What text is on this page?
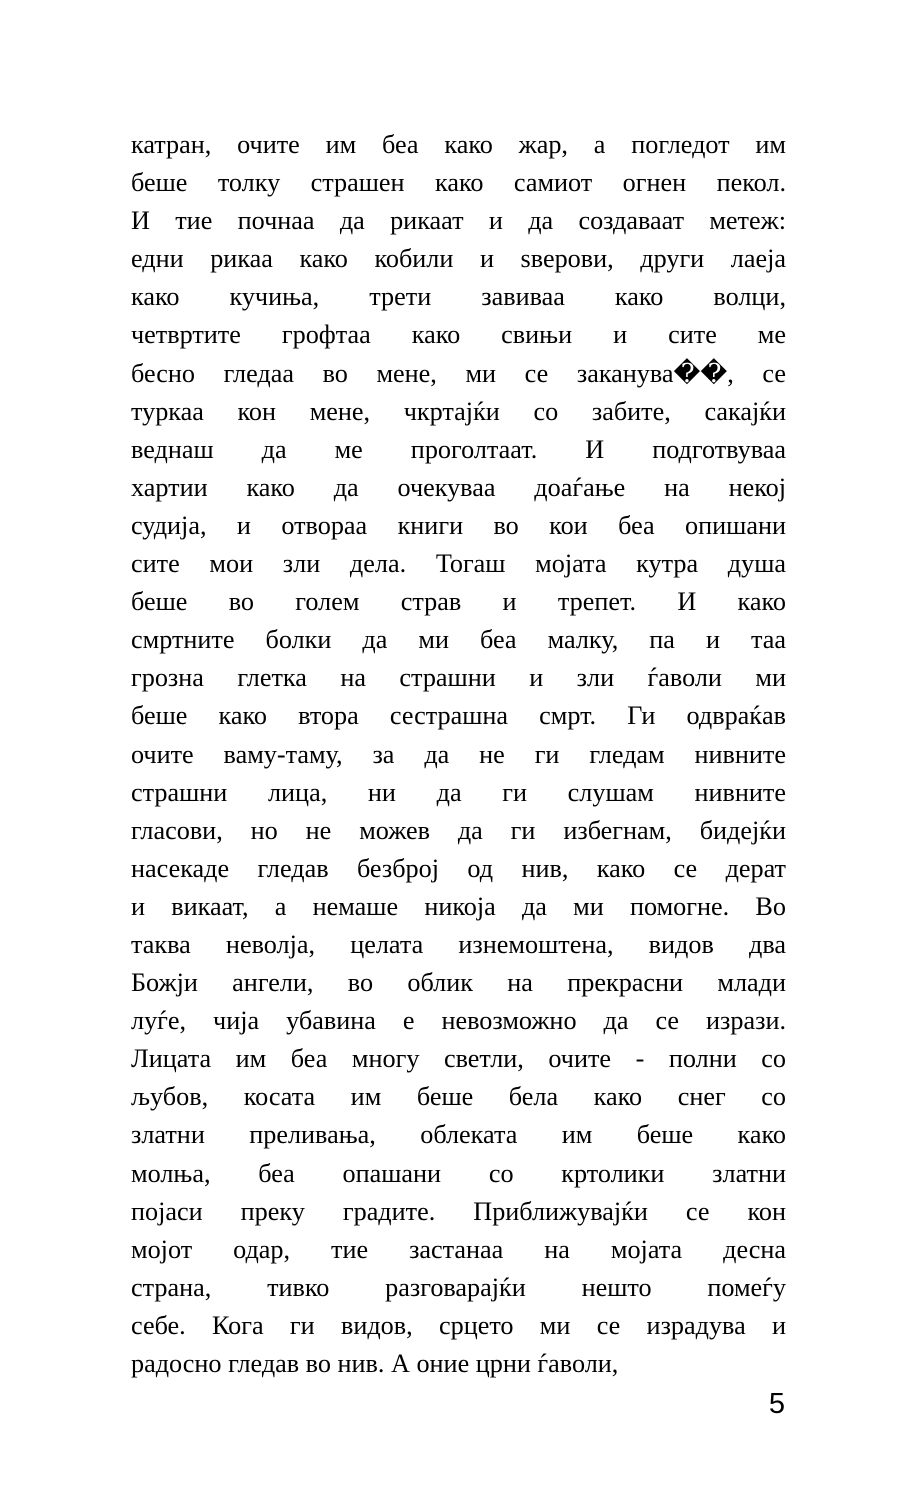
катран, очите им беа како жар, а погледот им
беше толку страшен како самиот огнен пекол.
И тие почнаа да рикаат и да создаваат метеж:
едни рикаа како кобили и ѕверови, други лаеја
како кучиња, трети завиваа како волци,
четвртите грофтаа како свињи и сите ме
бесно гледаа во мене, ми се заканува��, се
туркаа кон мене, чкртајќи со забите, сакајќи
веднаш да ме проголтаат. И подготвуваа
хартии како да очекуваа доаѓање на некој
судија, и отвораа книги во кои беа опишани
сите мои зли дела. Тогаш мојата кутра душа
беше во голем страв и трепет. И како
смртните болки да ми беа малку, па и таа
грозна глетка на страшни и зли ѓаволи ми
беше како втора сестрашна смрт. Ги одвраќав
очите ваму-таму, за да не ги гледам нивните
страшни лица, ни да ги слушам нивните
гласови, но не можев да ги избегнам, бидејќи
насекаде гледав безброј од нив, како се дерат
и викаат, а немаше никоја да ми помогне. Во
таква неволја, целата изнемоштена, видов два
Божји ангели, во облик на прекрасни млади
луѓе, чија убавина е невозможно да се изрази.
Лицата им беа многу светли, очите - полни со
љубов, косата им беше бела како снег со
златни преливања, облеката им беше како
молња, беа опашани со кртолики златни
појаси преку градите. Приближувајќи се кон
мојот одар, тие застанаа на мојата десна
страна, тивко разговарајќи нешто помеѓу
себе. Кога ги видов, срцето ми се израдува и
радосно гледав во нив. А оние црни ѓаволи,
5
